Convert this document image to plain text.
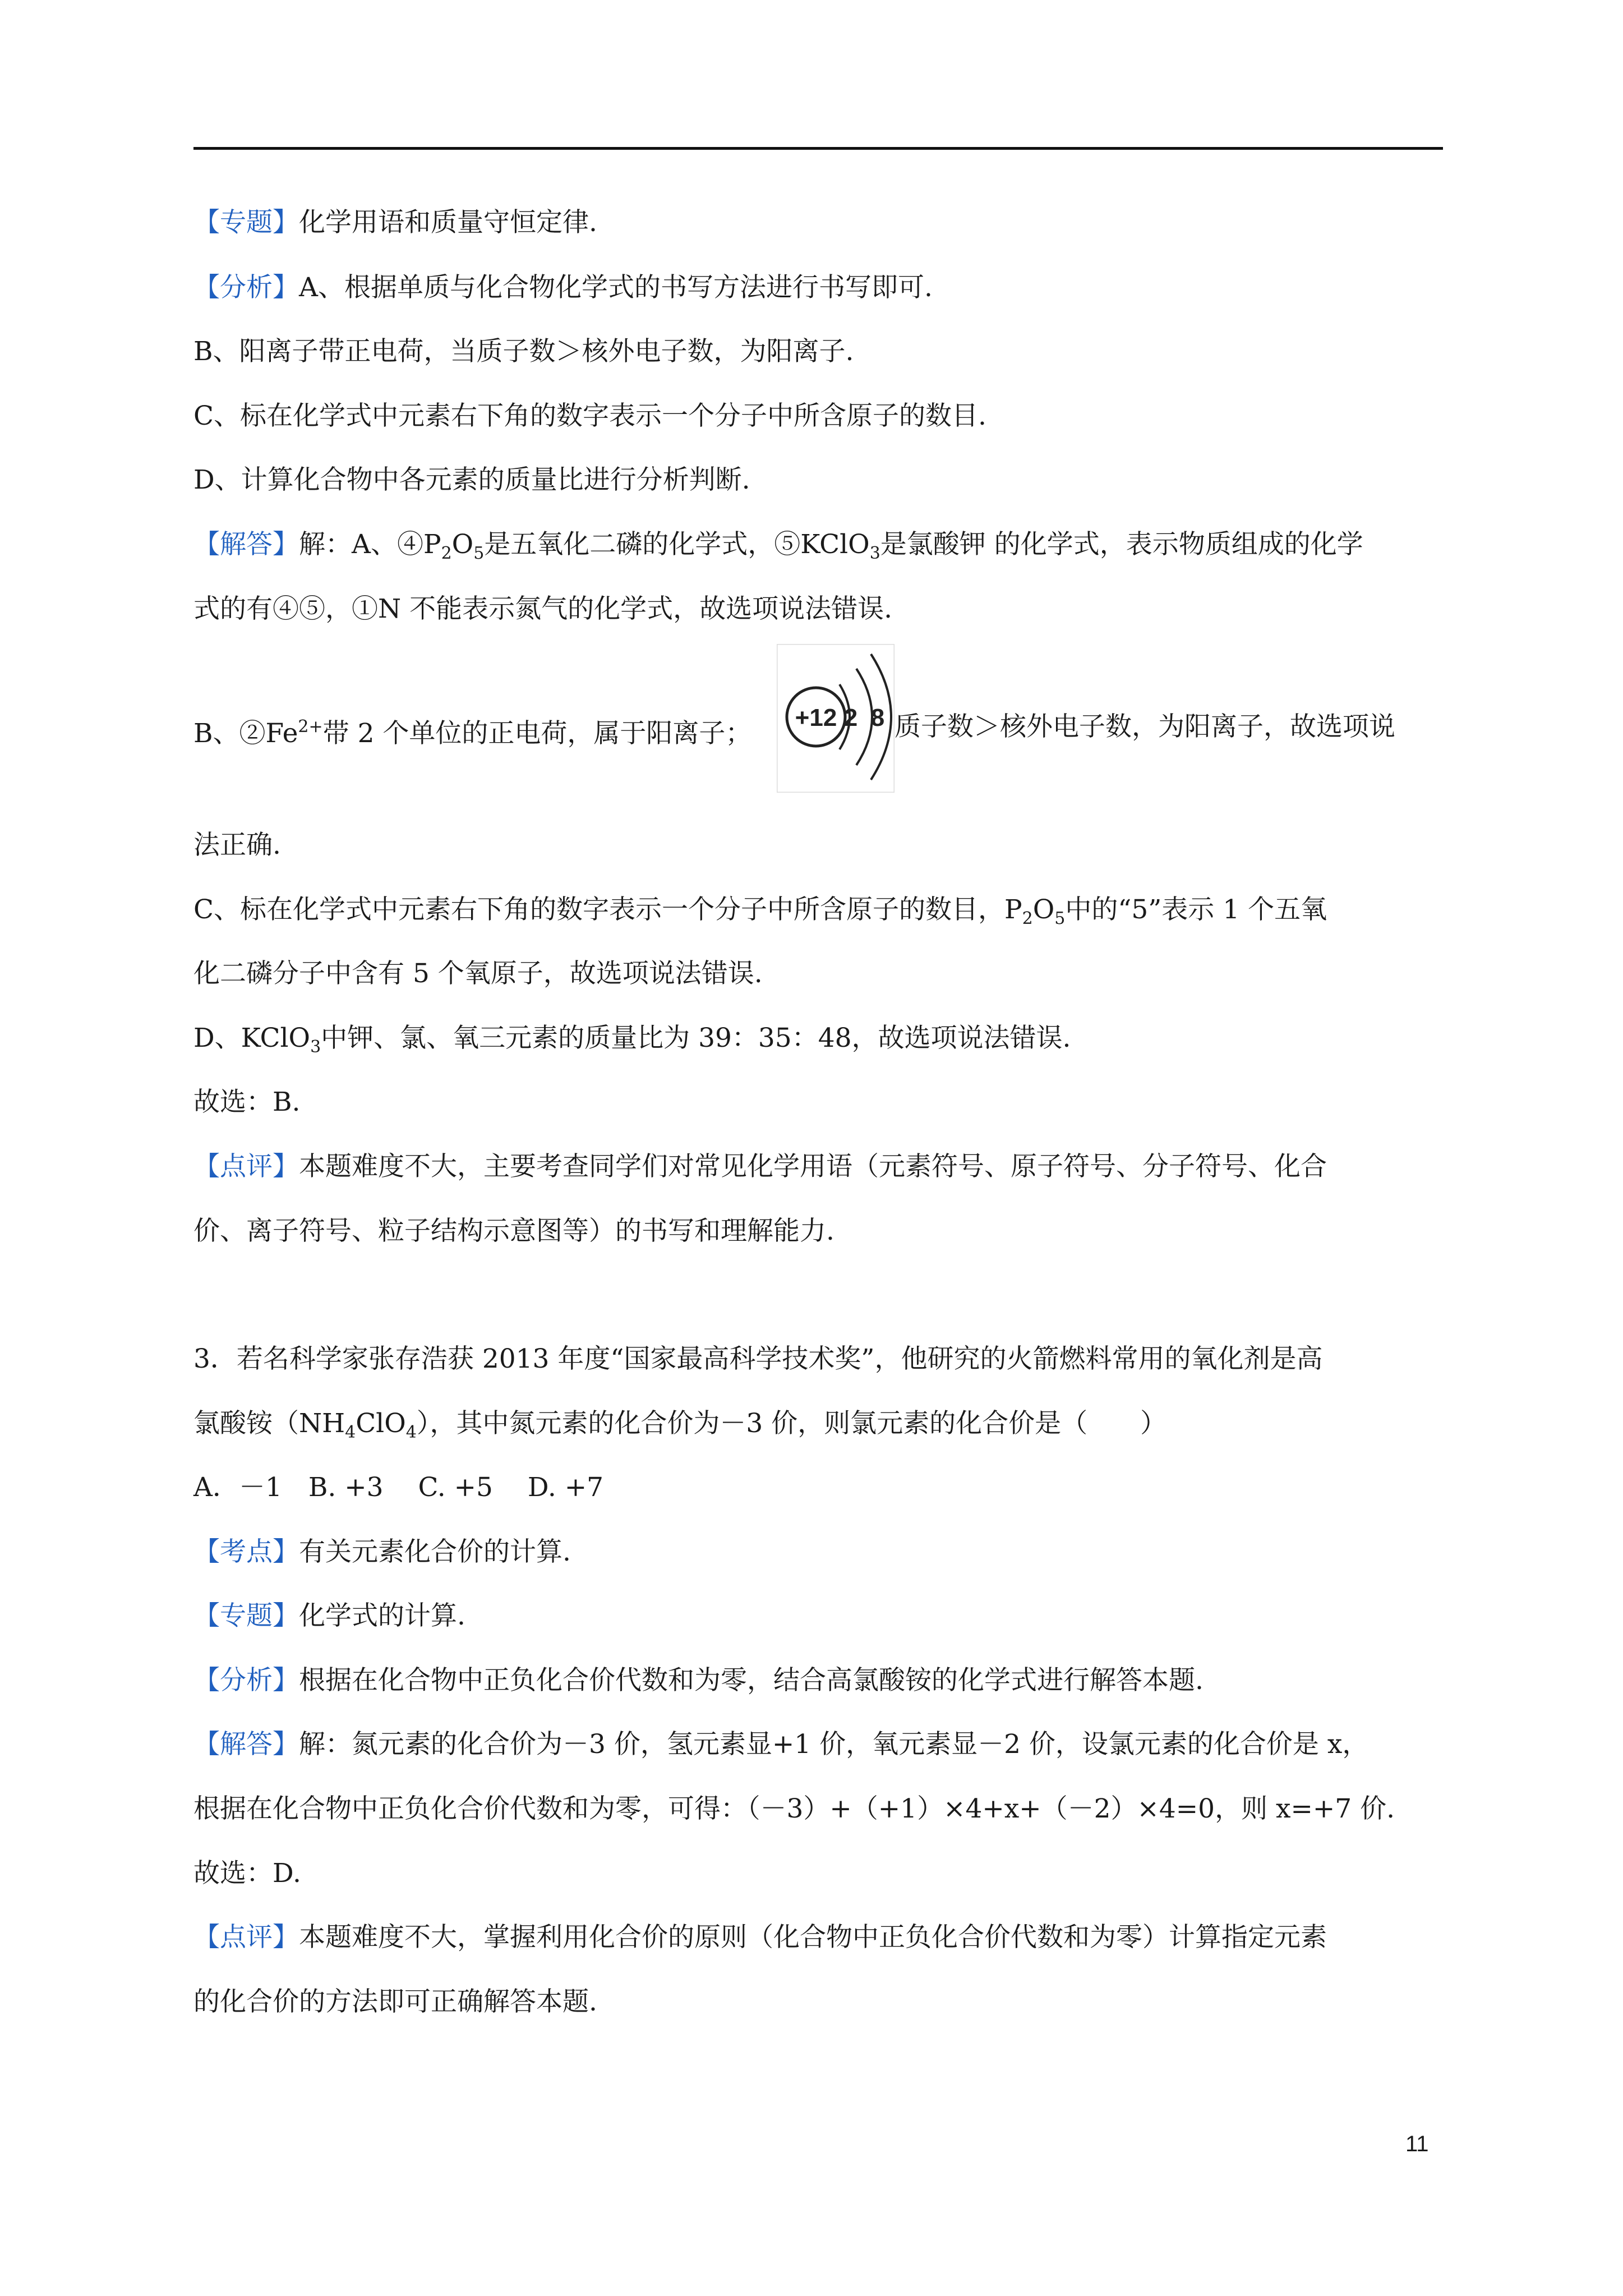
【专题】化学用语和质量守恒定律.
【分析】A、根据单质与化合物化学式的书写方法进行书写即可.
B、阳离子带正电荷，当质子数＞核外电子数，为阳离子.
C、标在化学式中元素右下角的数字表示一个分子中所含原子的数目.
D、计算化合物中各元素的质量比进行分析判断.
【解答】解：A、$④P_2O_5$是五氧化二磷的化学式，⑤KClO$_3$是氯酸钾 的化学式，表示物质组成的化学
式的有④⑤，①N 不能表示氮气的化学式，故选项说法错误.
B、$②Fe^{2+}$带 2 个单位的正电荷，属于阳离子；	质子数＞核外电子数，为阳离子，故选项说
+12 2 8
法正确.
C、标在化学式中元素右下角的数字表示一个分子中所含原子的数目，$P_2O_5$中的“5”表示 1 个五氧
化二磷分子中含有 5 个氧原子，故选项说法错误.
D、KClO$_3$中钾、氯、氧三元素的质量比为 39：35：48，故选项说法错误.
故选：B.
【点评】本题难度不大，主要考查同学们对常见化学用语（元素符号、原子符号、分子符号、化合
价、离子符号、粒子结构示意图等）的书写和理解能力.
3．若名科学家张存浩获 2013 年度“国家最高科学技术奖”，他研究的火箭燃料常用的氧化剂是高
氯酸铵$(NH_4ClO_4)$，其中氮元素的化合价为－3 价，则氯元素的化合价是（　　）
A．－1　B. +3　 C. +5　 D. +7
【考点】有关元素化合价的计算.
【专题】化学式的计算.
【分析】根据在化合物中正负化合价代数和为零，结合高氯酸铵的化学式进行解答本题.
【解答】解：氮元素的化合价为－3 价，氢元素显+1 价，氧元素显－2 价，设氯元素的化合价是 x，
根据在化合物中正负化合价代数和为零，可得：（－3）+（+1）×4+x+（－2）×4=0，则 x=+7 价.
故选：D.
【点评】本题难度不大，掌握利用化合价的原则（化合物中正负化合价代数和为零）计算指定元素
的化合价的方法即可正确解答本题.
11
